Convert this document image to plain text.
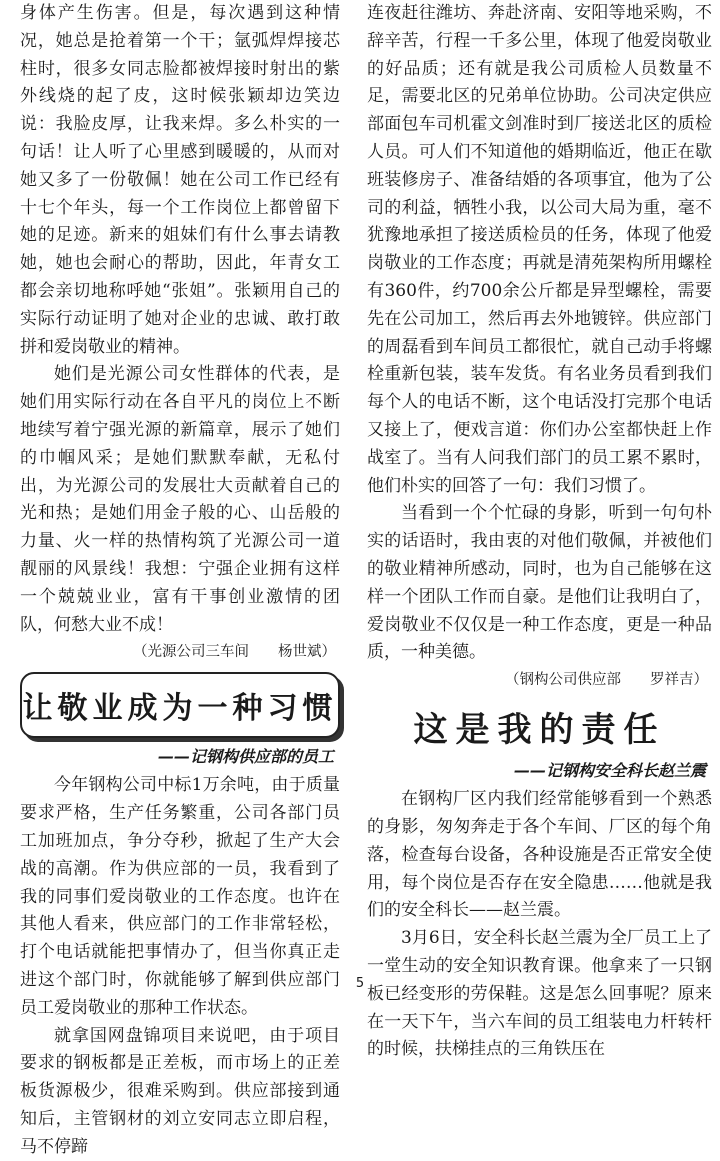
身体产生伤害。但是，每次遇到这种情况，她总是抢着第一个干；氩弧焊焊接芯柱时，很多女同志脸都被焊接时射出的紫外线烧的起了皮，这时候张颖却边笑边说：我脸皮厚，让我来焊。多么朴实的一句话！让人听了心里感到暖暖的，从而对她又多了一份敬佩！她在公司工作已经有十七个年头，每一个工作岗位上都曾留下她的足迹。新来的姐妹们有什么事去请教她，她也会耐心的帮助，因此，年青女工都会亲切地称呼她“张姐”。张颖用自己的实际行动证明了她对企业的忠诚、敢打敢拼和爱岗敬业的精神。

她们是光源公司女性群体的代表，是她们用实际行动在各自平凡的岗位上不断地续写着宁强光源的新篇章，展示了她们的巾帼风采；是她们默默奉献，无私付出，为光源公司的发展壮大贡献着自己的光和热；是她们用金子般的心、山岳般的力量、火一样的热情构筑了光源公司一道靓丽的风景线！我想：宁强企业拥有这样一个兢兢业业，富有干事创业激情的团队，何愁大业不成！

（光源公司三车间　　杨世斌）
让敬业成为一种习惯
——记钢构供应部的员工

今年钢构公司中标1万余吨，由于质量要求严格，生产任务繁重，公司各部门员工加班加点，争分夺秒，掀起了生产大会战的高潮。作为供应部的一员，我看到了我的同事们爱岗敬业的工作态度。也许在其他人看来，供应部门的工作非常轻松，打个电话就能把事情办了，但当你真正走进这个部门时，你就能够了解到供应部门员工爱岗敬业的那种工作状态。

就拿国网盘锦项目来说吧，由于项目要求的钢板都是正差板，而市场上的正差板货源极少，很难采购到。供应部接到通知后，主管钢材的刘立安同志立即启程，马不停蹄

连夜赶往潍坊、奔赴济南、安阳等地采购，不辞辛苦，行程一千多公里，体现了他爱岗敬业的好品质；还有就是我公司质检人员数量不足，需要北区的兄弟单位协助。公司决定供应部面包车司机霍文剑准时到厂接送北区的质检人员。可人们不知道他的婚期临近，他正在歇班装修房子、准备结婚的各项事宜，他为了公司的利益，牺牲小我，以公司大局为重，毫不犹豫地承担了接送质检员的任务，体现了他爱岗敬业的工作态度；再就是清苑架构所用螺栓有360件，约700余公斤都是异型螺栓，需要先在公司加工，然后再去外地镀锌。供应部门的周磊看到车间员工都很忙，就自己动手将螺栓重新包装，装车发货。有名业务员看到我们每个人的电话不断，这个电话没打完那个电话又接上了，便戏言道：你们办公室都快赶上作战室了。当有人问我们部门的员工累不累时，他们朴实的回答了一句：我们习惯了。

当看到一个个忙碌的身影，听到一句句朴实的话语时，我由衷的对他们敬佩，并被他们的敬业精神所感动，同时，也为自己能够在这样一个团队工作而自豪。是他们让我明白了，爱岗敬业不仅仅是一种工作态度，更是一种品质，一种美德。

（钢构公司供应部　　罗祥吉）
这是我的责任
——记钢构安全科长赵兰震

在钢构厂区内我们经常能够看到一个熟悉的身影，匆匆奔走于各个车间、厂区的每个角落，检查每台设备，各种设施是否正常安全使用，每个岗位是否存在安全隐患……他就是我们的安全科长——赵兰震。

3月6日，安全科长赵兰震为全厂员工上了一堂生动的安全知识教育课。他拿来了一只钢板已经变形的劳保鞋。这是怎么回事呢？原来在一天下午，当六车间的员工组装电力杆转杆的时候，扶梯挂点的三角铁压在

5
